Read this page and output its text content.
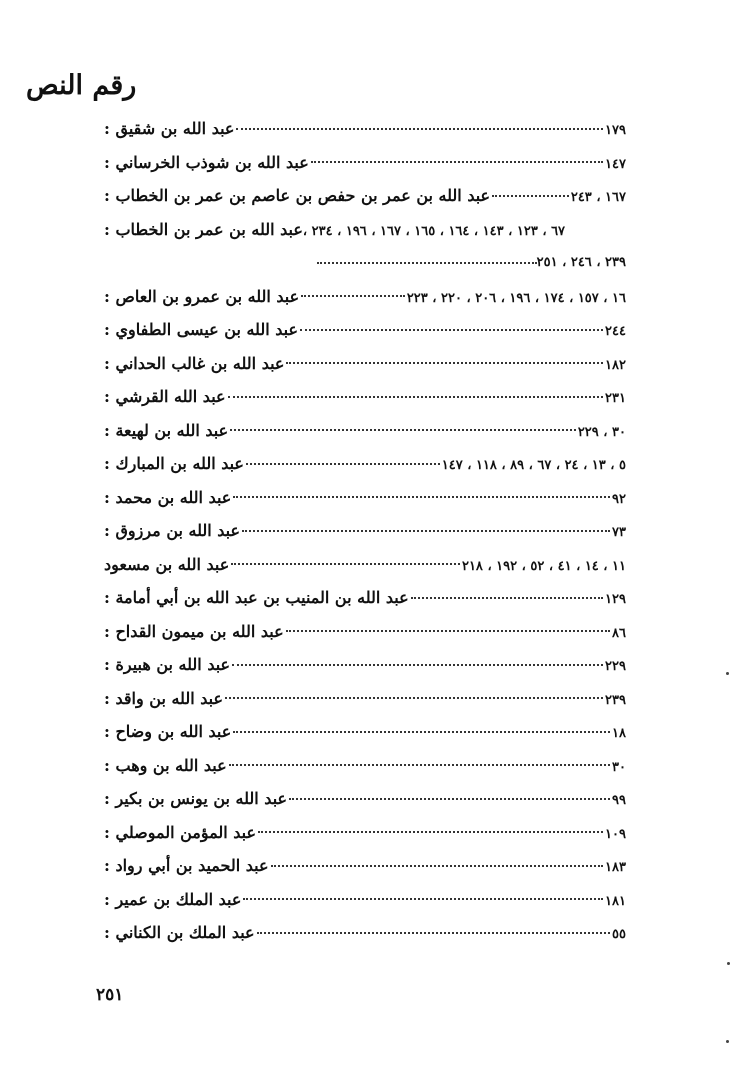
رقم النص
عبد الله بن شقيق :	١٧٩
عبد الله بن شوذب الخرساني :	١٤٧
عبد الله بن عمر بن حفص بن عاصم بن عمر بن الخطاب :	١٦٧ ، ٢٤٣
عبد الله بن عمر بن الخطاب : ٦٧ ، ١٢٣ ، ١٤٣ ، ١٦٤ ، ١٦٥ ، ١٦٧ ، ١٩٦ ، ٢٣٤ ،
٢٣٩ ، ٢٤٦ ، ٢٥١
عبد الله بن عمرو بن العاص :	١٦ ، ١٥٧ ، ١٧٤ ، ١٩٦ ، ٢٠٦ ، ٢٢٠ ، ٢٢٣
عبد الله بن عيسى الطفاوي :	٢٤٤
عبد الله بن غالب الحداني :	١٨٢
عبد الله القرشي :	٢٣١
عبد الله بن لهيعة :	٣٠ ، ٢٢٩
عبد الله بن المبارك :	٥ ، ١٣ ، ٢٤ ، ٦٧ ، ٨٩ ، ١١٨ ، ١٤٧
عبد الله بن محمد :	٩٢
عبد الله بن مرزوق :	٧٣
عبد الله بن مسعود	١١ ، ١٤ ، ٤١ ، ٥٢ ، ١٩٢ ، ٢١٨
عبد الله بن المنيب بن عبد الله بن أبي أمامة :	١٢٩
عبد الله بن ميمون القداح :	٨٦
عبد الله بن هبيرة :	٢٢٩
عبد الله بن واقد :	٢٣٩
عبد الله بن وضاح :	١٨
عبد الله بن وهب :	٣٠
عبد الله بن يونس بن بكير :	٩٩
عبد المؤمن الموصلي :	١٠٩
عبد الحميد بن أبي رواد :	١٨٣
عبد الملك بن عمير :	١٨١
عبد الملك بن الكناني :	٥٥
٢٥١
